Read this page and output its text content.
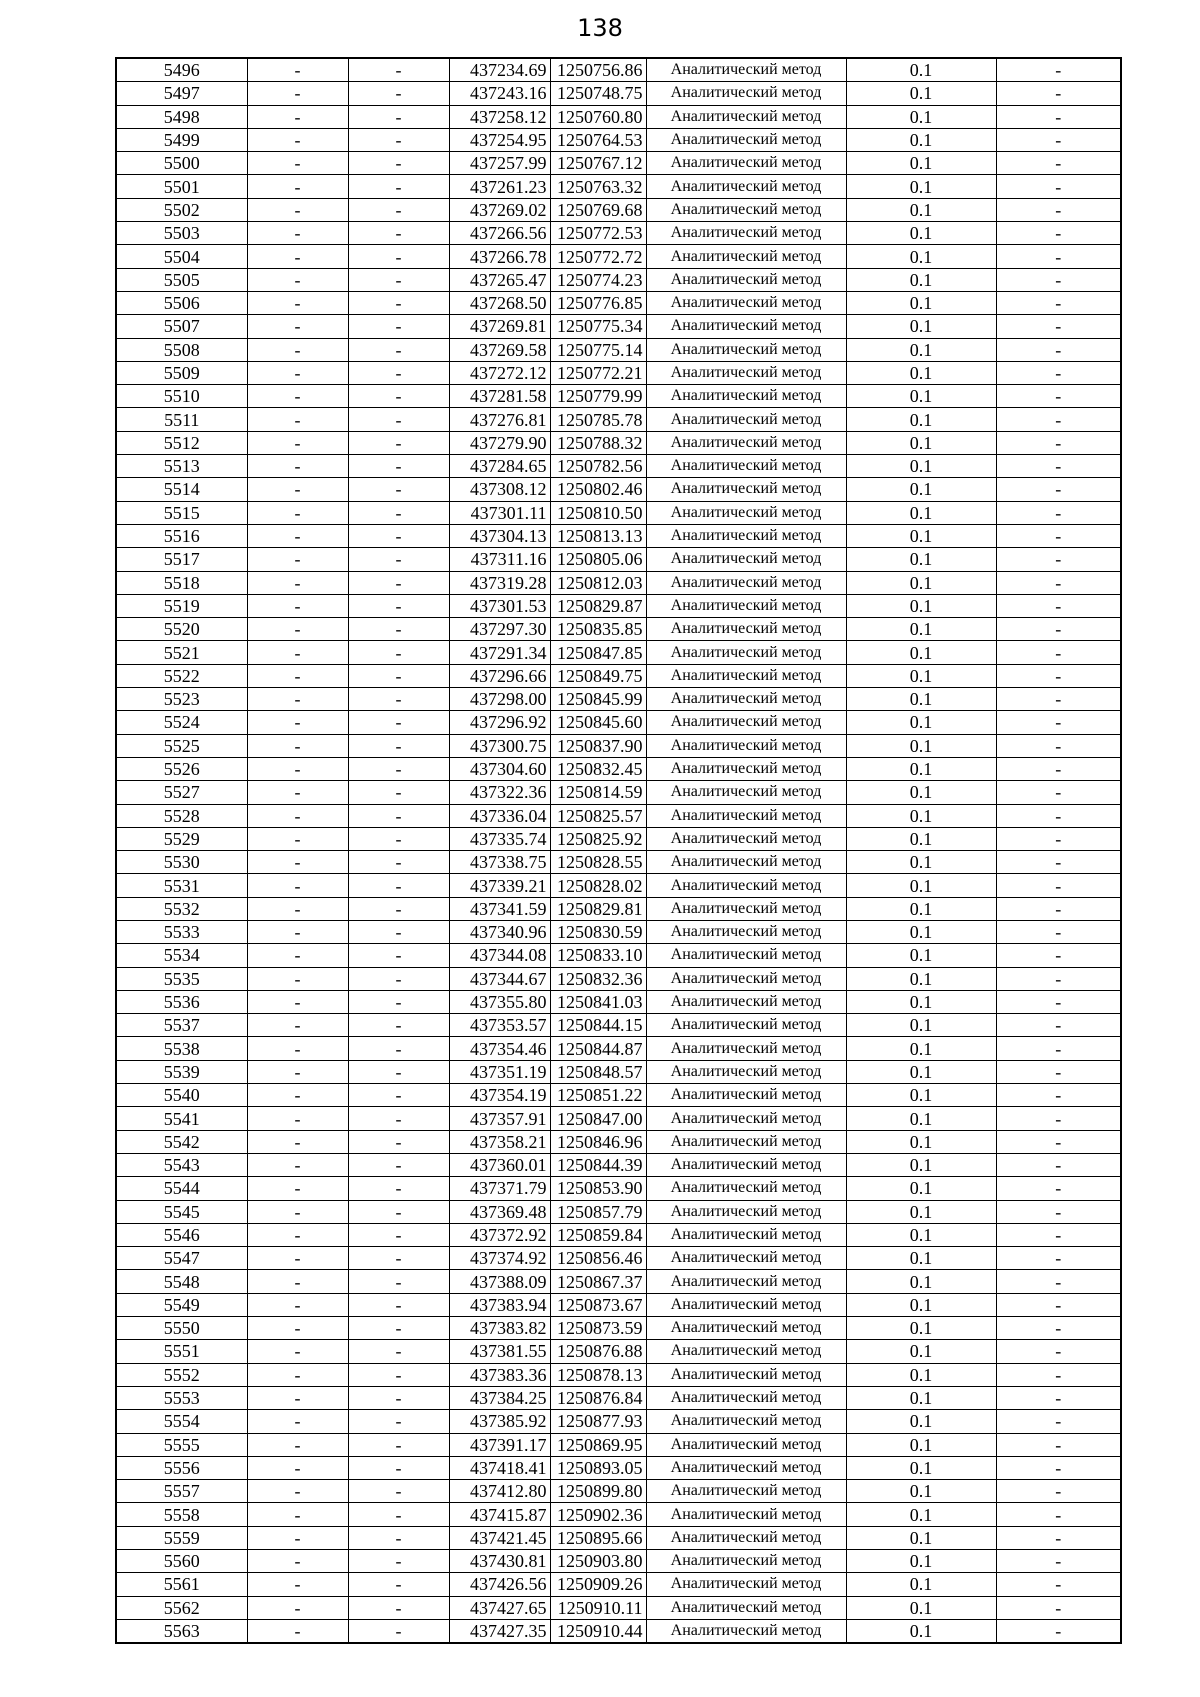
138
5496	-	-	437234.69	1250756.86	Аналитический метод	0.1	-
5497	-	-	437243.16	1250748.75	Аналитический метод	0.1	-
5498	-	-	437258.12	1250760.80	Аналитический метод	0.1	-
5499	-	-	437254.95	1250764.53	Аналитический метод	0.1	-
5500	-	-	437257.99	1250767.12	Аналитический метод	0.1	-
5501	-	-	437261.23	1250763.32	Аналитический метод	0.1	-
5502	-	-	437269.02	1250769.68	Аналитический метод	0.1	-
5503	-	-	437266.56	1250772.53	Аналитический метод	0.1	-
5504	-	-	437266.78	1250772.72	Аналитический метод	0.1	-
5505	-	-	437265.47	1250774.23	Аналитический метод	0.1	-
5506	-	-	437268.50	1250776.85	Аналитический метод	0.1	-
5507	-	-	437269.81	1250775.34	Аналитический метод	0.1	-
5508	-	-	437269.58	1250775.14	Аналитический метод	0.1	-
5509	-	-	437272.12	1250772.21	Аналитический метод	0.1	-
5510	-	-	437281.58	1250779.99	Аналитический метод	0.1	-
5511	-	-	437276.81	1250785.78	Аналитический метод	0.1	-
5512	-	-	437279.90	1250788.32	Аналитический метод	0.1	-
5513	-	-	437284.65	1250782.56	Аналитический метод	0.1	-
5514	-	-	437308.12	1250802.46	Аналитический метод	0.1	-
5515	-	-	437301.11	1250810.50	Аналитический метод	0.1	-
5516	-	-	437304.13	1250813.13	Аналитический метод	0.1	-
5517	-	-	437311.16	1250805.06	Аналитический метод	0.1	-
5518	-	-	437319.28	1250812.03	Аналитический метод	0.1	-
5519	-	-	437301.53	1250829.87	Аналитический метод	0.1	-
5520	-	-	437297.30	1250835.85	Аналитический метод	0.1	-
5521	-	-	437291.34	1250847.85	Аналитический метод	0.1	-
5522	-	-	437296.66	1250849.75	Аналитический метод	0.1	-
5523	-	-	437298.00	1250845.99	Аналитический метод	0.1	-
5524	-	-	437296.92	1250845.60	Аналитический метод	0.1	-
5525	-	-	437300.75	1250837.90	Аналитический метод	0.1	-
5526	-	-	437304.60	1250832.45	Аналитический метод	0.1	-
5527	-	-	437322.36	1250814.59	Аналитический метод	0.1	-
5528	-	-	437336.04	1250825.57	Аналитический метод	0.1	-
5529	-	-	437335.74	1250825.92	Аналитический метод	0.1	-
5530	-	-	437338.75	1250828.55	Аналитический метод	0.1	-
5531	-	-	437339.21	1250828.02	Аналитический метод	0.1	-
5532	-	-	437341.59	1250829.81	Аналитический метод	0.1	-
5533	-	-	437340.96	1250830.59	Аналитический метод	0.1	-
5534	-	-	437344.08	1250833.10	Аналитический метод	0.1	-
5535	-	-	437344.67	1250832.36	Аналитический метод	0.1	-
5536	-	-	437355.80	1250841.03	Аналитический метод	0.1	-
5537	-	-	437353.57	1250844.15	Аналитический метод	0.1	-
5538	-	-	437354.46	1250844.87	Аналитический метод	0.1	-
5539	-	-	437351.19	1250848.57	Аналитический метод	0.1	-
5540	-	-	437354.19	1250851.22	Аналитический метод	0.1	-
5541	-	-	437357.91	1250847.00	Аналитический метод	0.1	-
5542	-	-	437358.21	1250846.96	Аналитический метод	0.1	-
5543	-	-	437360.01	1250844.39	Аналитический метод	0.1	-
5544	-	-	437371.79	1250853.90	Аналитический метод	0.1	-
5545	-	-	437369.48	1250857.79	Аналитический метод	0.1	-
5546	-	-	437372.92	1250859.84	Аналитический метод	0.1	-
5547	-	-	437374.92	1250856.46	Аналитический метод	0.1	-
5548	-	-	437388.09	1250867.37	Аналитический метод	0.1	-
5549	-	-	437383.94	1250873.67	Аналитический метод	0.1	-
5550	-	-	437383.82	1250873.59	Аналитический метод	0.1	-
5551	-	-	437381.55	1250876.88	Аналитический метод	0.1	-
5552	-	-	437383.36	1250878.13	Аналитический метод	0.1	-
5553	-	-	437384.25	1250876.84	Аналитический метод	0.1	-
5554	-	-	437385.92	1250877.93	Аналитический метод	0.1	-
5555	-	-	437391.17	1250869.95	Аналитический метод	0.1	-
5556	-	-	437418.41	1250893.05	Аналитический метод	0.1	-
5557	-	-	437412.80	1250899.80	Аналитический метод	0.1	-
5558	-	-	437415.87	1250902.36	Аналитический метод	0.1	-
5559	-	-	437421.45	1250895.66	Аналитический метод	0.1	-
5560	-	-	437430.81	1250903.80	Аналитический метод	0.1	-
5561	-	-	437426.56	1250909.26	Аналитический метод	0.1	-
5562	-	-	437427.65	1250910.11	Аналитический метод	0.1	-
5563	-	-	437427.35	1250910.44	Аналитический метод	0.1	-
